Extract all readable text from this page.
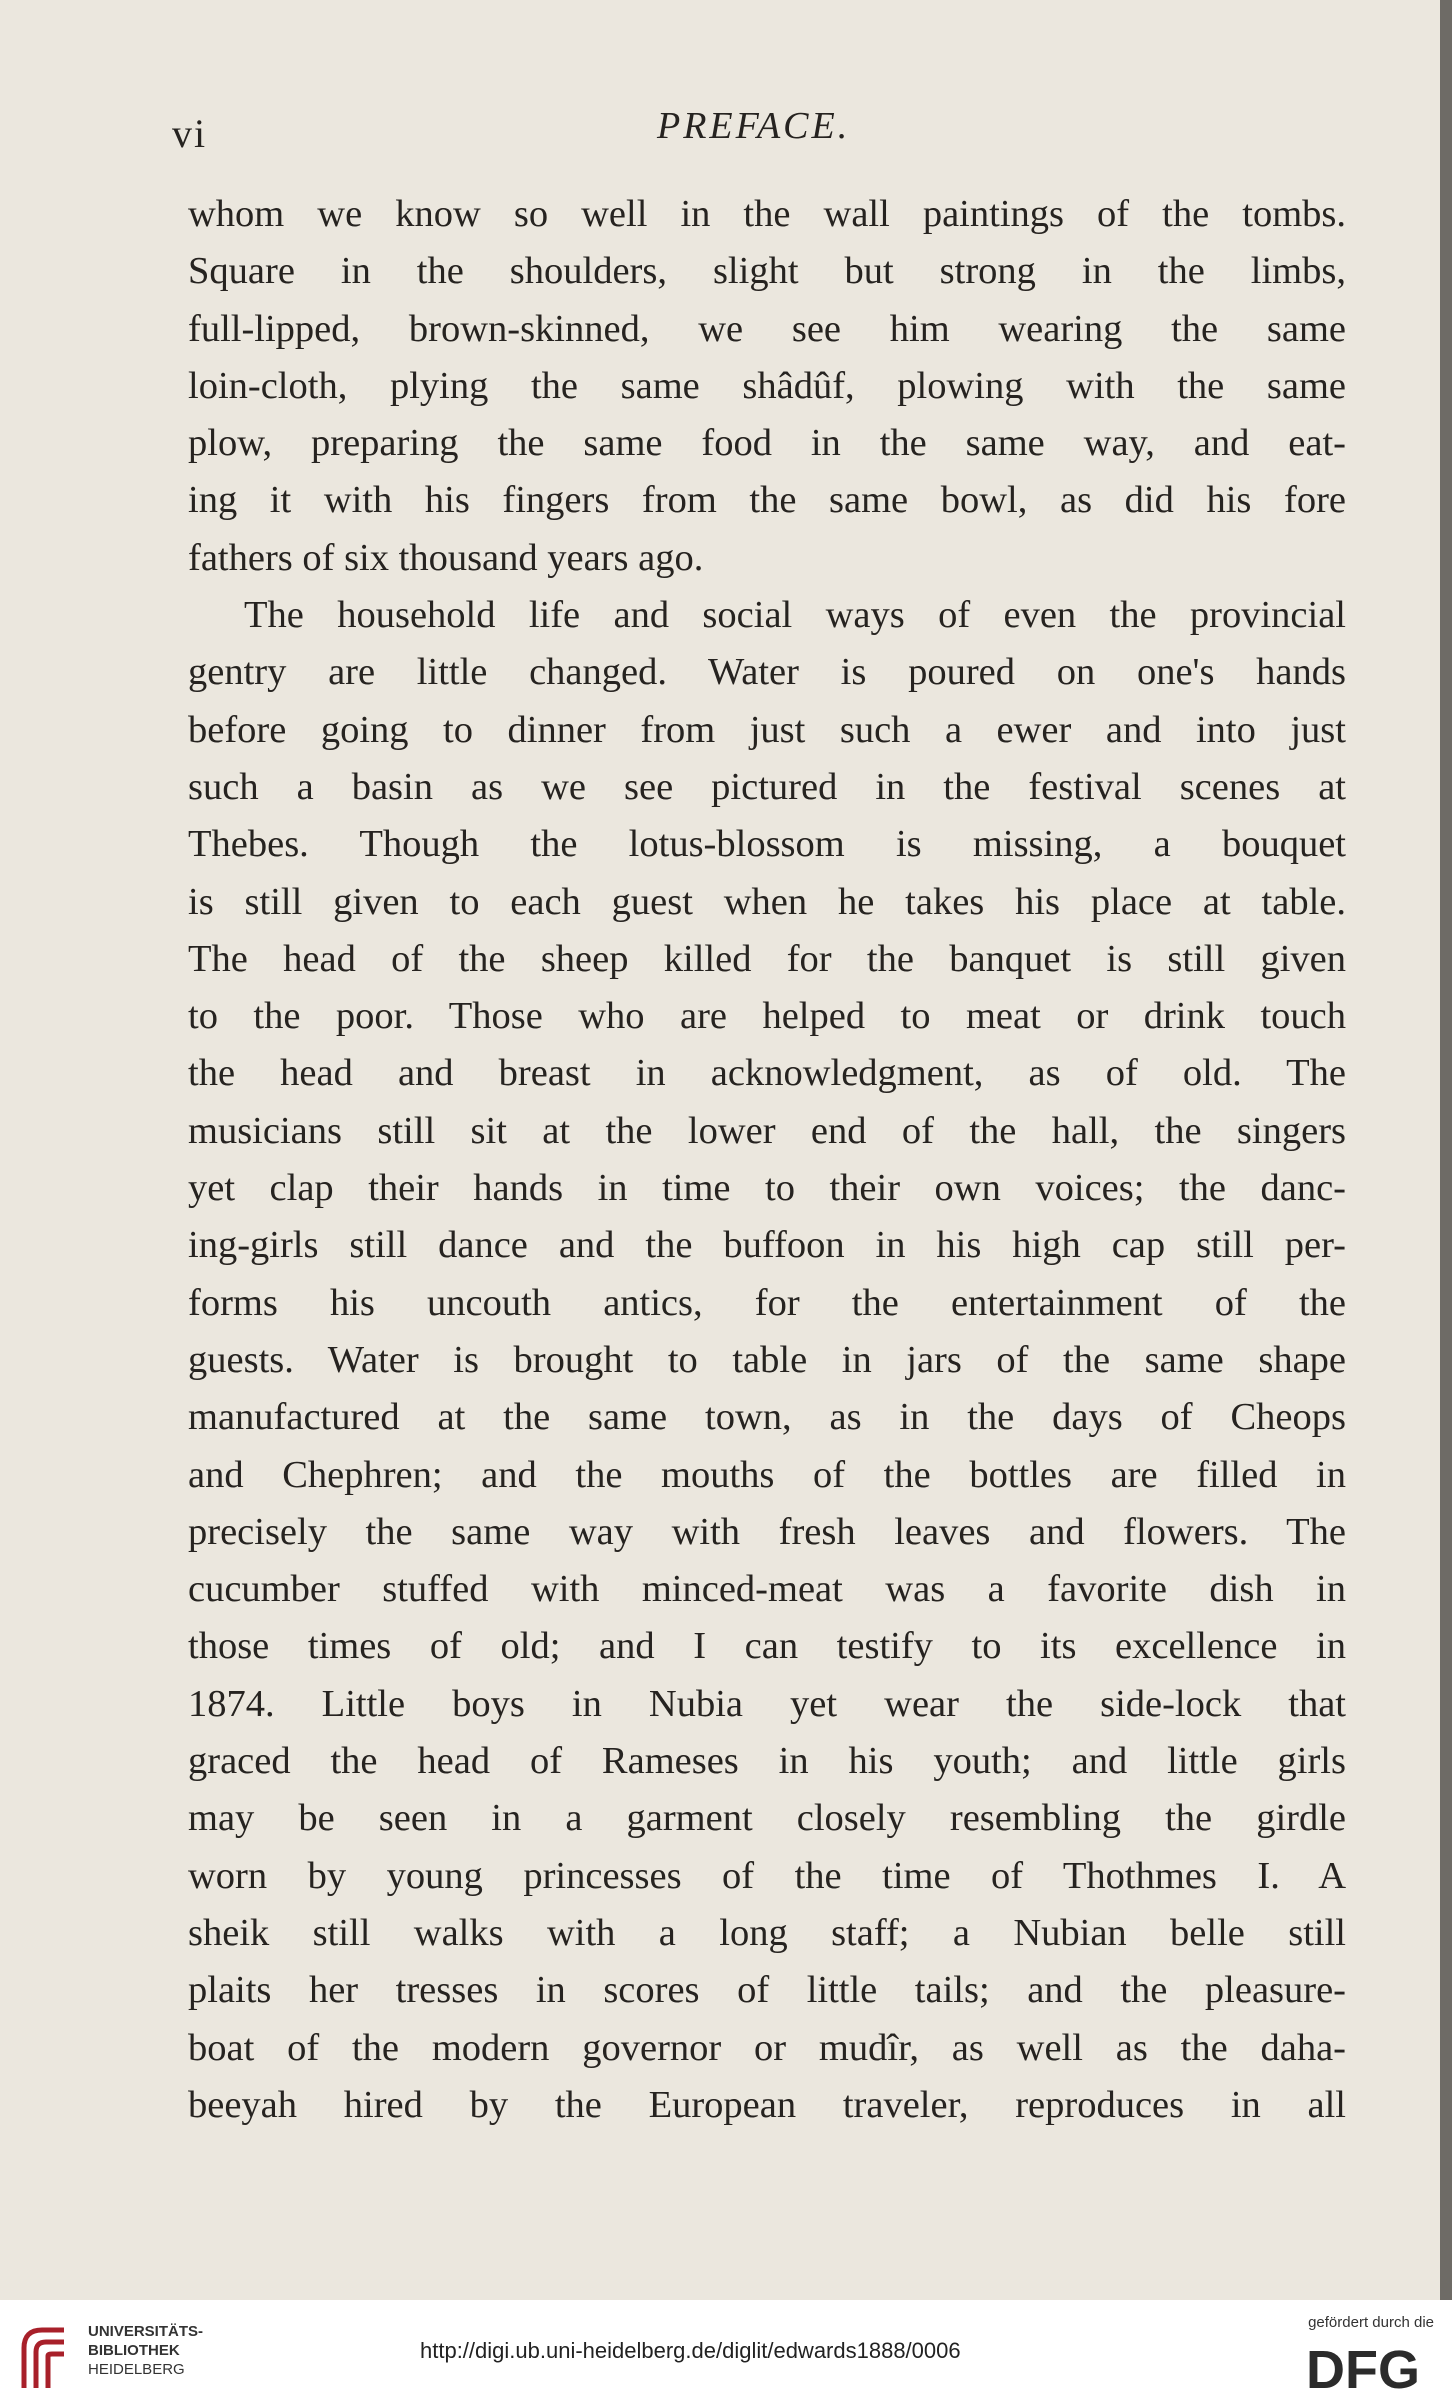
vi	PREFACE.
whom we know so well in the wall paintings of the tombs.
Square in the shoulders, slight but strong in the limbs,
full-lipped, brown-skinned, we see him wearing the same
loin-cloth, plying the same shâdûf, plowing with the same
plow, preparing the same food in the same way, and eat-
ing it with his fingers from the same bowl, as did his fore
fathers of six thousand years ago.
The household life and social ways of even the provincial
gentry are little changed. Water is poured on one's hands
before going to dinner from just such a ewer and into just
such a basin as we see pictured in the festival scenes at
Thebes. Though the lotus-blossom is missing, a bouquet
is still given to each guest when he takes his place at table.
The head of the sheep killed for the banquet is still given
to the poor. Those who are helped to meat or drink touch
the head and breast in acknowledgment, as of old. The
musicians still sit at the lower end of the hall, the singers
yet clap their hands in time to their own voices; the danc-
ing-girls still dance and the buffoon in his high cap still per-
forms his uncouth antics, for the entertainment of the
guests. Water is brought to table in jars of the same shape
manufactured at the same town, as in the days of Cheops
and Chephren; and the mouths of the bottles are filled in
precisely the same way with fresh leaves and flowers. The
cucumber stuffed with minced-meat was a favorite dish in
those times of old; and I can testify to its excellence in
1874. Little boys in Nubia yet wear the side-lock that
graced the head of Rameses in his youth; and little girls
may be seen in a garment closely resembling the girdle
worn by young princesses of the time of Thothmes I. A
sheik still walks with a long staff; a Nubian belle still
plaits her tresses in scores of little tails; and the pleasure-
boat of the modern governor or mudîr, as well as the daha-
beeyah hired by the European traveler, reproduces in all
UNIVERSITÄTS-
BIBLIOTHEK
HEIDELBERG
http://digi.ub.uni-heidelberg.de/diglit/edwards1888/0006
gefördert durch die
DFG
